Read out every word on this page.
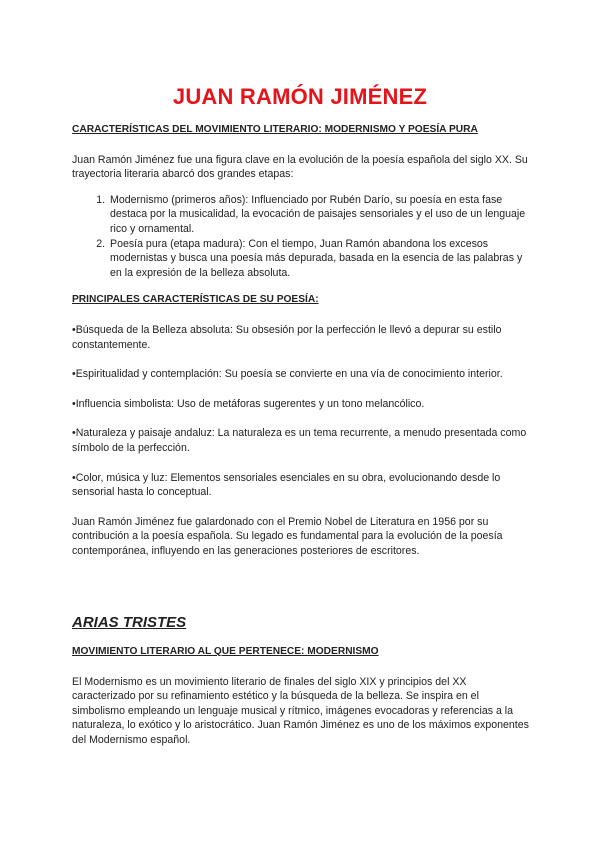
JUAN RAMÓN JIMÉNEZ
CARACTERÍSTICAS DEL MOVIMIENTO LITERARIO: MODERNISMO Y POESÍA PURA

Juan Ramón Jiménez fue una figura clave en la evolución de la poesía española del siglo XX. Su trayectoria literaria abarcó dos grandes etapas:

1. Modernismo (primeros años): Influenciado por Rubén Darío, su poesía en esta fase destaca por la musicalidad, la evocación de paisajes sensoriales y el uso de un lenguaje rico y ornamental.
2. Poesía pura (etapa madura): Con el tiempo, Juan Ramón abandona los excesos modernistas y busca una poesía más depurada, basada en la esencia de las palabras y en la expresión de la belleza absoluta.
PRINCIPALES CARACTERÍSTICAS DE SU POESÍA:

•Búsqueda de la Belleza absoluta: Su obsesión por la perfección le llevó a depurar su estilo constantemente.

•Espiritualidad y contemplación: Su poesía se convierte en una vía de conocimiento interior.

•Influencia simbolista: Uso de metáforas sugerentes y un tono melancólico.

•Naturaleza y paisaje andaluz: La naturaleza es un tema recurrente, a menudo presentada como símbolo de la perfección.

•Color, música y luz: Elementos sensoriales esenciales en su obra, evolucionando desde lo sensorial hasta lo conceptual.

Juan Ramón Jiménez fue galardonado con el Premio Nobel de Literatura en 1956 por su contribución a la poesía española. Su legado es fundamental para la evolución de la poesía contemporánea, influyendo en las generaciones posteriores de escritores.

ARIAS TRISTES
MOVIMIENTO LITERARIO AL QUE PERTENECE: MODERNISMO

El Modernismo es un movimiento literario de finales del siglo XIX y principios del XX caracterizado por su refinamiento estético y la búsqueda de la belleza. Se inspira en el simbolismo empleando un lenguaje musical y rítmico, imágenes evocadoras y referencias a la naturaleza, lo exótico y lo aristocrático. Juan Ramón Jiménez es uno de los máximos exponentes del Modernismo español.
